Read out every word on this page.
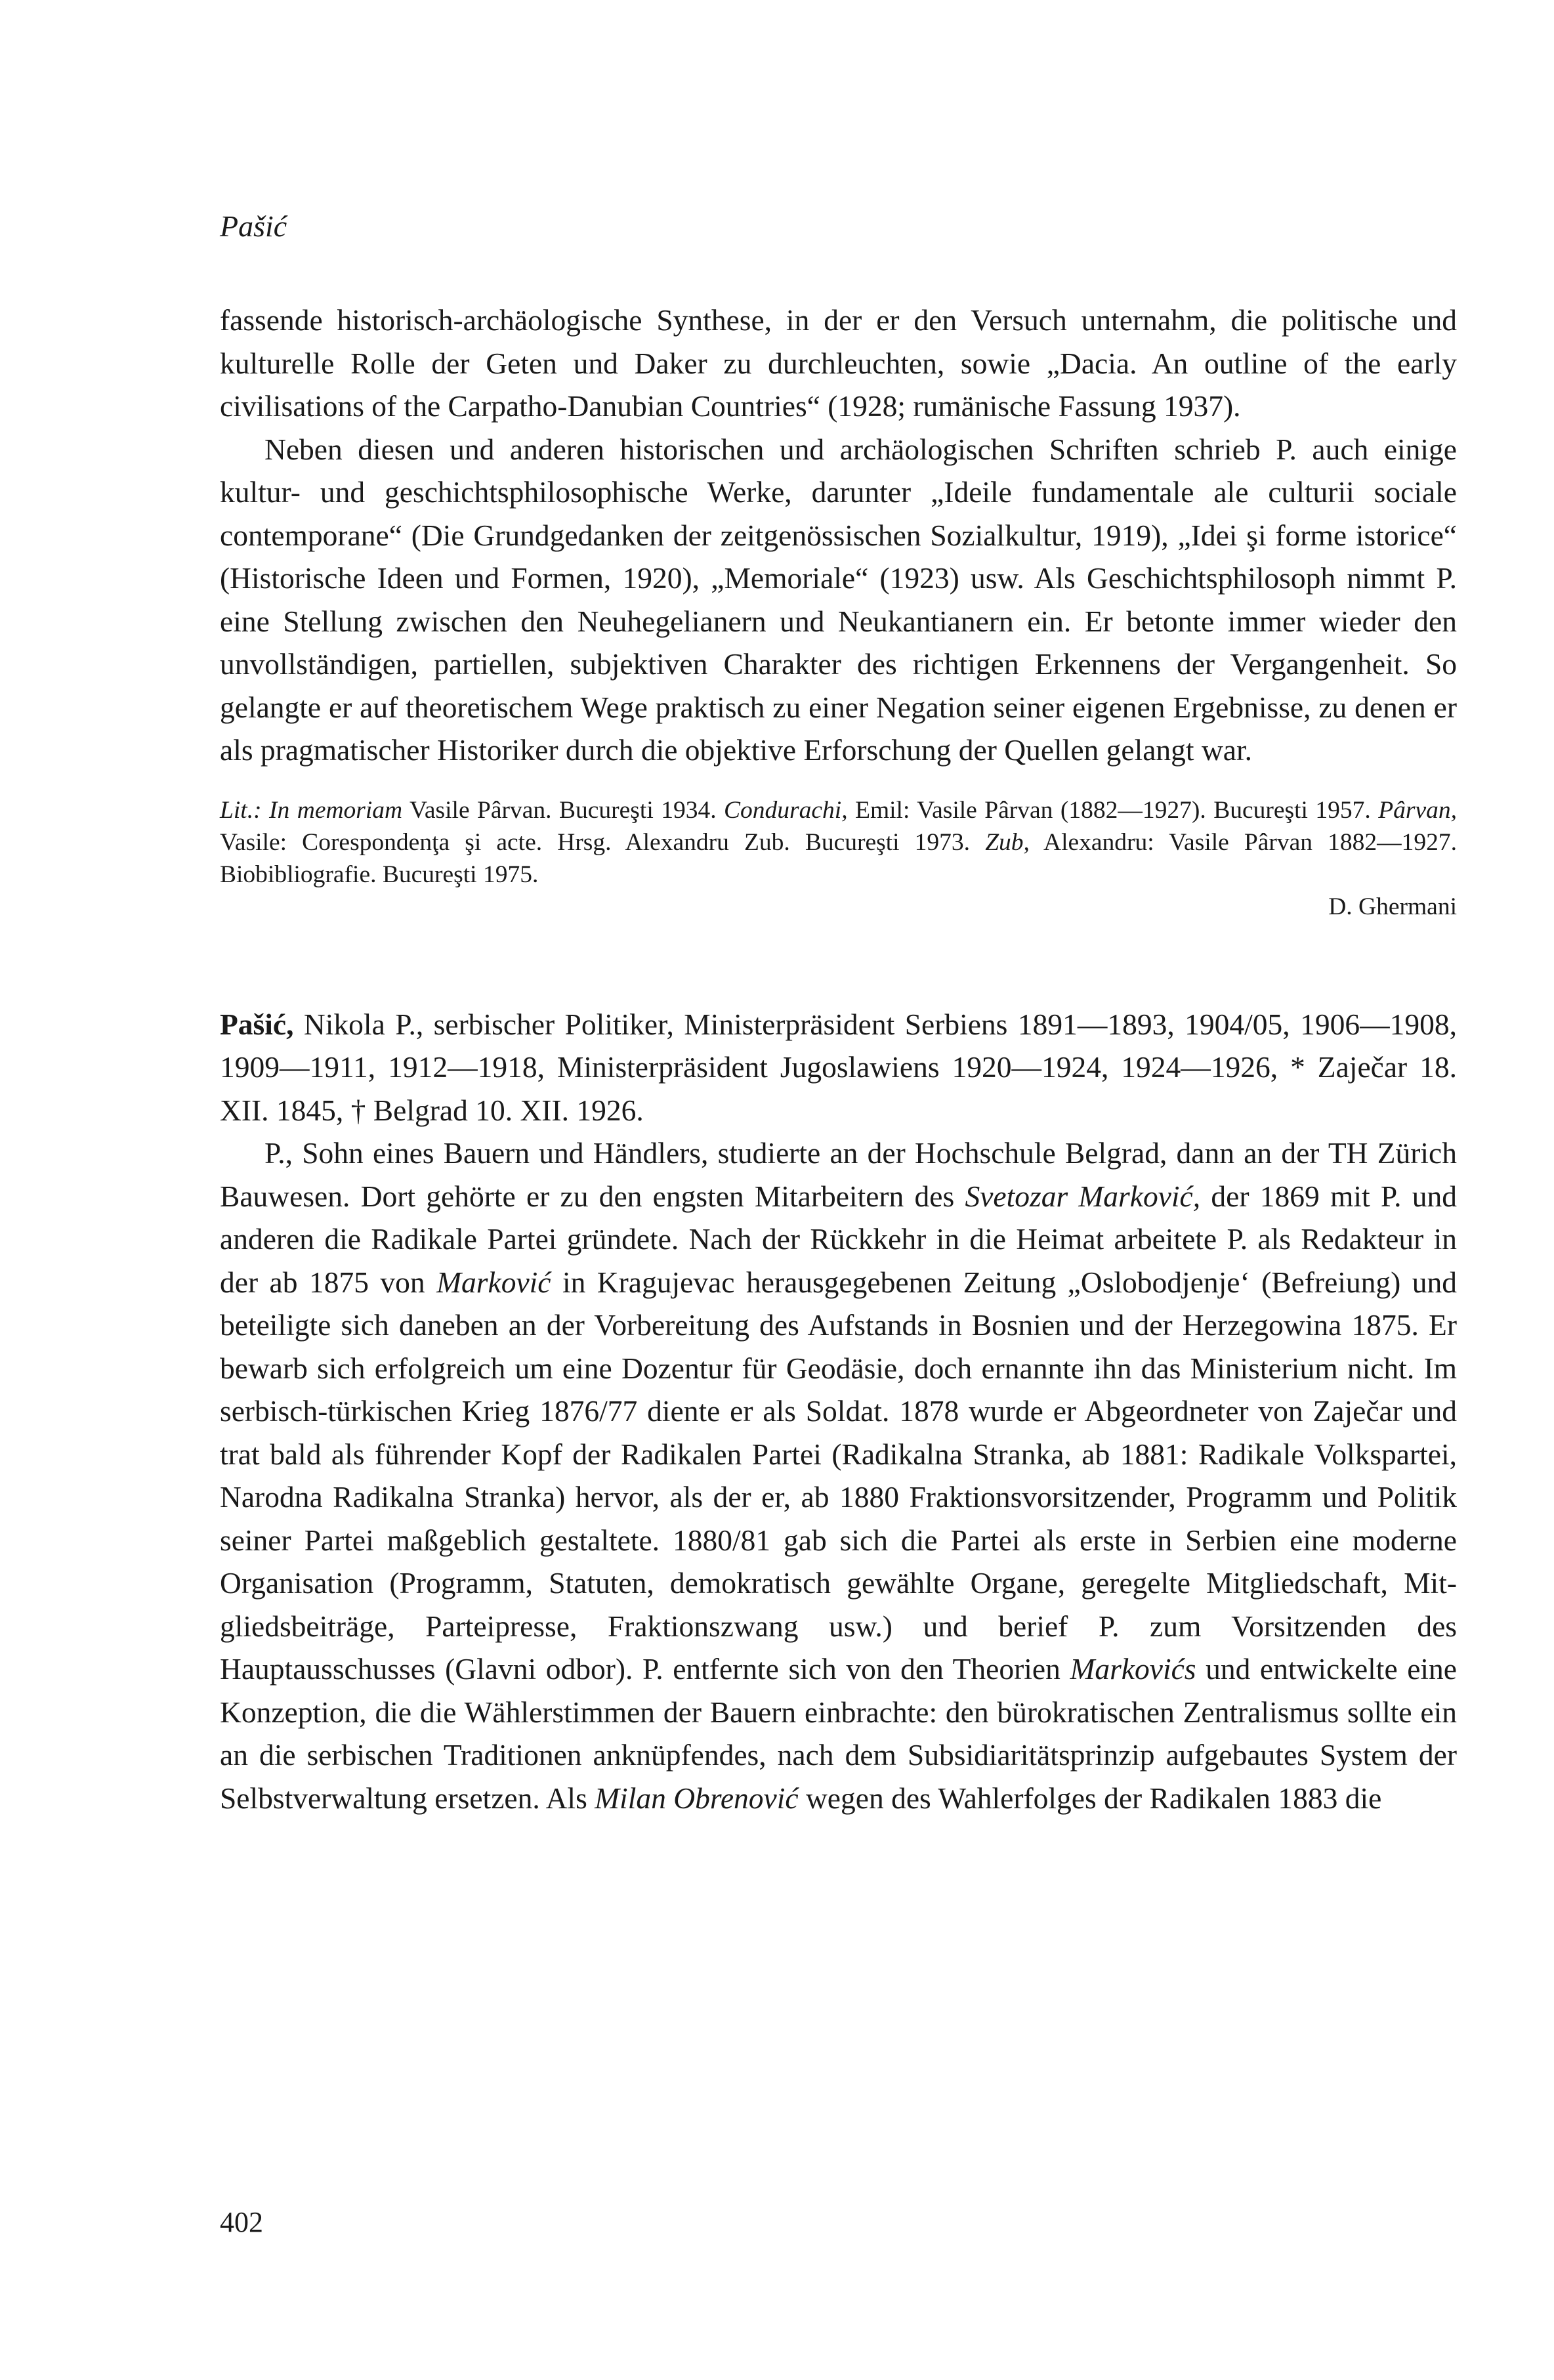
Pašić

fassende historisch-archäologische Synthese, in der er den Versuch unternahm, die politische und kulturelle Rolle der Geten und Daker zu durchleuchten, sowie „Dacia. An outline of the early civilisations of the Carpatho-Danubian Countries“ (1928; rumänische Fassung 1937).

Neben diesen und anderen historischen und archäologischen Schriften schrieb P. auch einige kultur- und geschichtsphilosophische Werke, darunter „Ideile fundamentale ale culturii sociale contemporane“ (Die Grundgedanken der zeitgenössischen Sozialkultur, 1919), „Idei şi forme istorice“ (Historische Ideen und Formen, 1920), „Memoriale“ (1923) usw. Als Geschichtsphilosoph nimmt P. eine Stellung zwischen den Neuhegelianern und Neukantianern ein. Er betonte immer wieder den unvollständigen, partiellen, subjektiven Charakter des richtigen Erkennens der Vergangenheit. So gelangte er auf theoretischem Wege praktisch zu einer Negation seiner eigenen Ergebnisse, zu denen er als pragmatischer Historiker durch die objektive Erforschung der Quellen gelangt war.

Lit.: In memoriam Vasile Pârvan. Bucureşti 1934. Condurachi, Emil: Vasile Pârvan (1882—1927). Bucureşti 1957. Pârvan, Vasile: Corespondenţa şi acte. Hrsg. Alexandru Zub. Bucureşti 1973. Zub, Alexandru: Vasile Pârvan 1882—1927. Biobibliografie. Bucureşti 1975.

D. Ghermani

Pašić, Nikola P., serbischer Politiker, Ministerpräsident Serbiens 1891—1893, 1904/05, 1906—1908, 1909—1911, 1912—1918, Ministerpräsident Jugoslawiens 1920—1924, 1924—1926, * Zaječar 18. XII. 1845, † Belgrad 10. XII. 1926.

P., Sohn eines Bauern und Händlers, studierte an der Hochschule Belgrad, dann an der TH Zürich Bauwesen. Dort gehörte er zu den engsten Mitarbeitern des Svetozar Marković, der 1869 mit P. und anderen die Radikale Partei gründete. Nach der Rückkehr in die Heimat arbeitete P. als Redakteur in der ab 1875 von Marković in Kragujevac herausgegebenen Zeitung „Oslobodjenje‘ (Befreiung) und beteiligte sich daneben an der Vorbereitung des Aufstands in Bosnien und der Herzegowina 1875. Er bewarb sich erfolgreich um eine Dozentur für Geodäsie, doch ernannte ihn das Ministerium nicht. Im serbisch-türkischen Krieg 1876/77 diente er als Soldat. 1878 wurde er Abgeordneter von Zaječar und trat bald als führender Kopf der Radikalen Partei (Radikalna Stranka, ab 1881: Radikale Volkspartei, Narodna Radikalna Stranka) hervor, als der er, ab 1880 Fraktionsvorsitzender, Programm und Politik seiner Partei maßgeblich gestaltete. 1880/81 gab sich die Partei als erste in Serbien eine moderne Organisation (Programm, Statuten, demokratisch gewählte Organe, geregelte Mitgliedschaft, Mitgliedsbeiträge, Parteipresse, Fraktionszwang usw.) und berief P. zum Vorsitzenden des Hauptausschusses (Glavni odbor). P. entfernte sich von den Theorien Markovićs und entwickelte eine Konzeption, die die Wählerstimmen der Bauern einbrachte: den bürokratischen Zentralismus sollte ein an die serbischen Traditionen anknüpfendes, nach dem Subsidiaritätsprinzip aufgebautes System der Selbstverwaltung ersetzen. Als Milan Obrenović wegen des Wahlerfolges der Radikalen 1883 die

402
